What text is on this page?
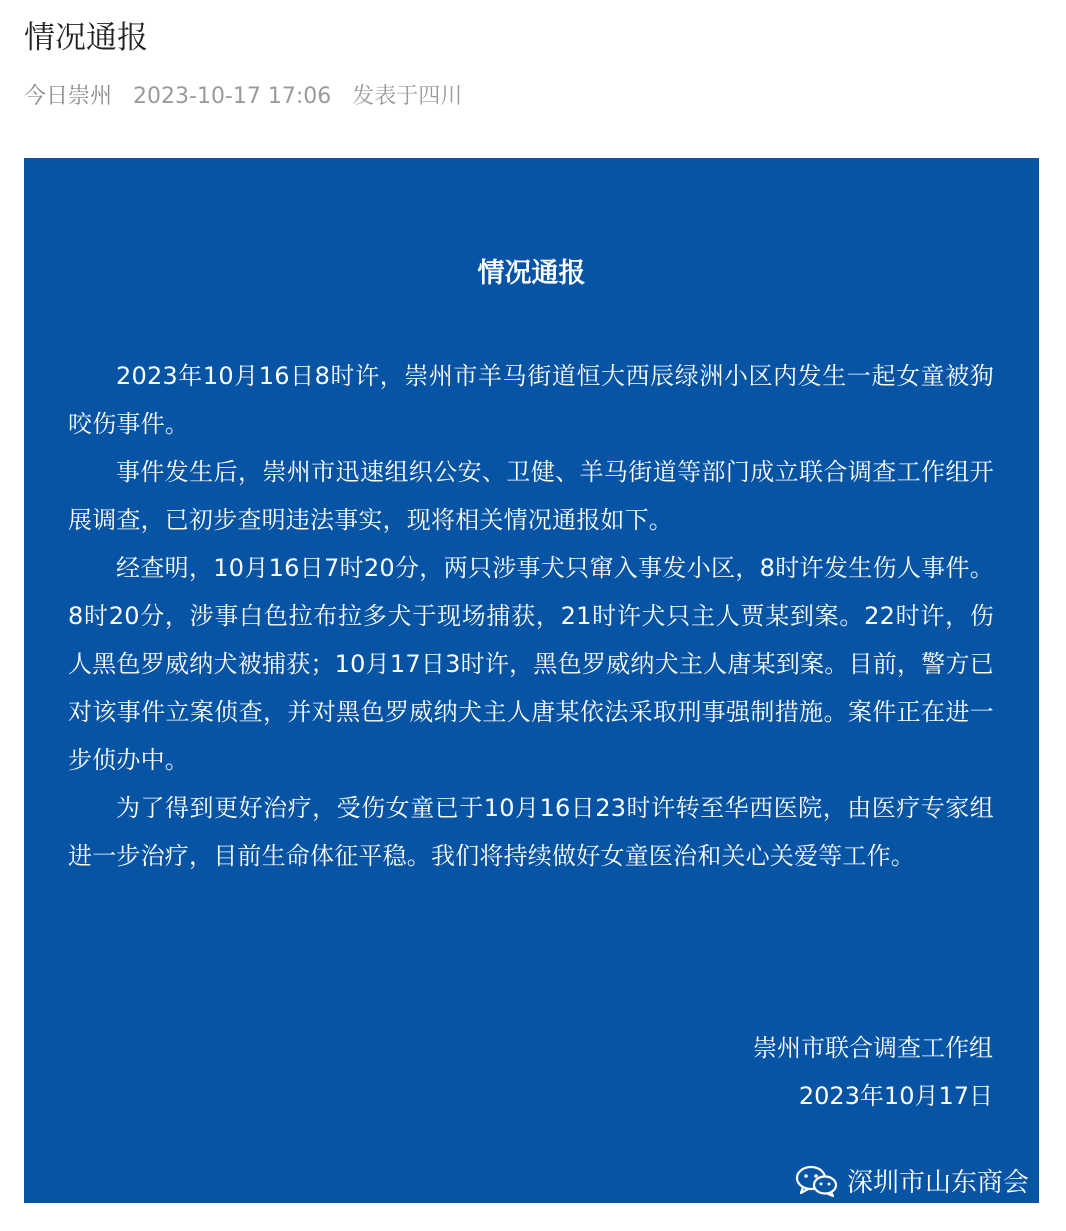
情况通报
今日崇州 2023-10-17 17:06 发表于四川
情况通报

2023年10月16日8时许，崇州市羊马街道恒大西辰绿洲小区内发生一起女童被狗咬伤事件。

事件发生后，崇州市迅速组织公安、卫健、羊马街道等部门成立联合调查工作组开展调查，已初步查明违法事实，现将相关情况通报如下。

经查明，10月16日7时20分，两只涉事犬只窜入事发小区，8时许发生伤人事件。8时20分，涉事白色拉布拉多犬于现场捕获，21时许犬只主人贾某到案。22时许，伤人黑色罗威纳犬被捕获；10月17日3时许，黑色罗威纳犬主人唐某到案。目前，警方已对该事件立案侦查，并对黑色罗威纳犬主人唐某依法采取刑事强制措施。案件正在进一步侦办中。

为了得到更好治疗，受伤女童已于10月16日23时许转至华西医院，由医疗专家组进一步治疗，目前生命体征平稳。我们将持续做好女童医治和关心关爱等工作。

崇州市联合调查工作组
2023年10月17日
深圳市山东商会
